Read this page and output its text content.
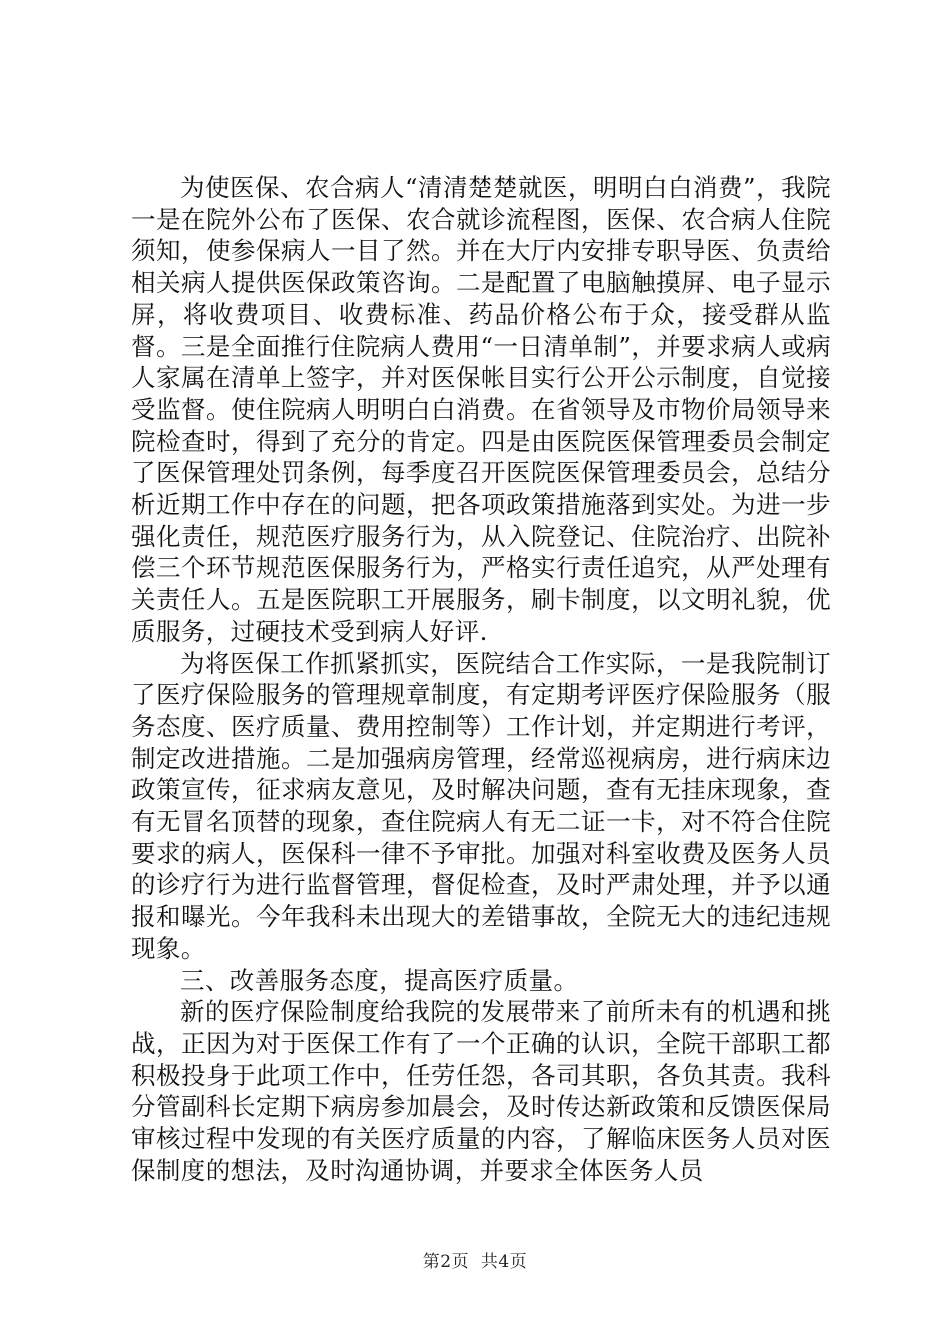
为使医保、农合病人“清清楚楚就医，明明白白消费”，我院一是在院外公布了医保、农合就诊流程图，医保、农合病人住院须知，使参保病人一目了然。并在大厅内安排专职导医、负责给相关病人提供医保政策咨询。二是配置了电脑触摸屏、电子显示屏，将收费项目、收费标准、药品价格公布于众，接受群从监督。三是全面推行住院病人费用“一日清单制”，并要求病人或病人家属在清单上签字，并对医保帐目实行公开公示制度，自觉接受监督。使住院病人明明白白消费。在省领导及市物价局领导来院检查时，得到了充分的肯定。四是由医院医保管理委员会制定了医保管理处罚条例，每季度召开医院医保管理委员会，总结分析近期工作中存在的问题，把各项政策措施落到实处。为进一步强化责任，规范医疗服务行为，从入院登记、住院治疗、出院补偿三个环节规范医保服务行为，严格实行责任追究，从严处理有关责任人。五是医院职工开展服务，刷卡制度，以文明礼貌，优质服务，过硬技术受到病人好评.

为将医保工作抓紧抓实，医院结合工作实际，一是我院制订了医疗保险服务的管理规章制度，有定期考评医疗保险服务（服务态度、医疗质量、费用控制等）工作计划，并定期进行考评，制定改进措施。二是加强病房管理，经常巡视病房，进行病床边政策宣传，征求病友意见，及时解决问题，查有无挂床现象，查有无冒名顶替的现象，查住院病人有无二证一卡，对不符合住院要求的病人，医保科一律不予审批。加强对科室收费及医务人员的诊疗行为进行监督管理，督促检查，及时严肃处理，并予以通报和曝光。今年我科未出现大的差错事故，全院无大的违纪违规现象。

三、改善服务态度，提高医疗质量。

新的医疗保险制度给我院的发展带来了前所未有的机遇和挑战，正因为对于医保工作有了一个正确的认识，全院干部职工都积极投身于此项工作中，任劳任怨，各司其职，各负其责。我科分管副科长定期下病房参加晨会，及时传达新政策和反馈医保局审核过程中发现的有关医疗质量的内容，了解临床医务人员对医保制度的想法，及时沟通协调，并要求全体医务人员

第2页  共4页
